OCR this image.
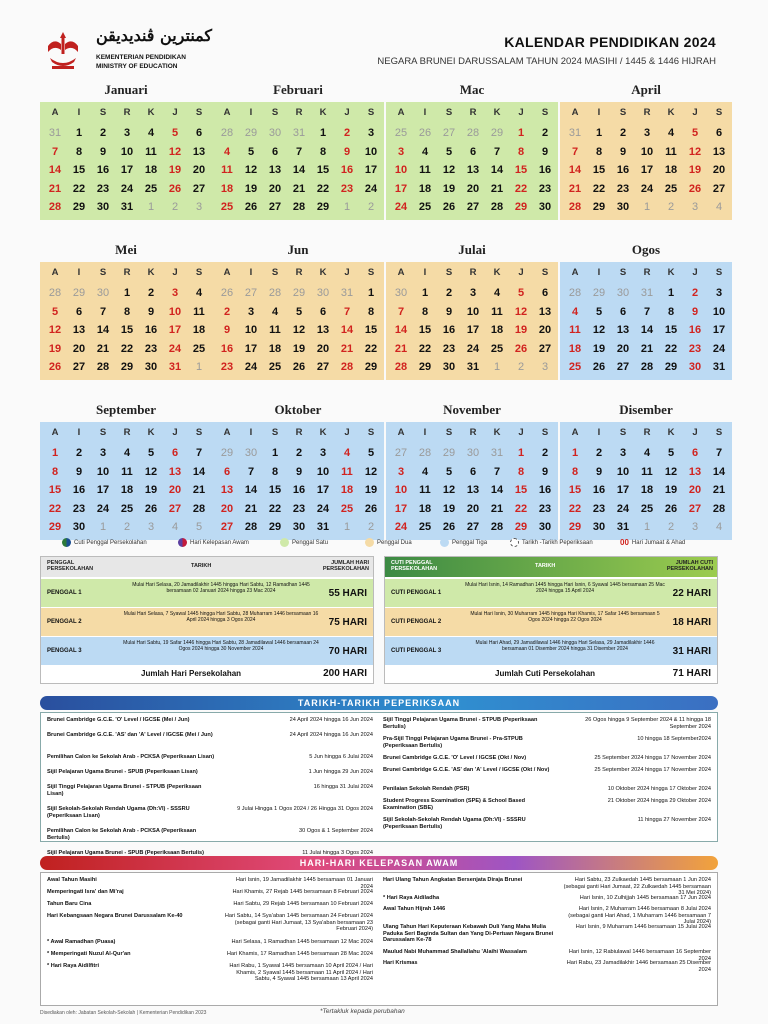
كمنترين ڤنديديقن
KEMENTERIAN PENDIDIKAN
MINISTRY OF EDUCATION
KALENDAR PENDIDIKAN 2024
NEGARA BRUNEI DARUSSALAM TAHUN 2024 MASIHI / 1445 & 1446 HIJRAH
Januari
A	I	S	R	K	J	S
31	1	2	3	4	5	6
7	8	9	10	11	12	13
14	15	16	17	18	19	20
21	22	23	24	25	26	27
28	29	30	31	1	2	3
Februari
A	I	S	R	K	J	S
28	29	30	31	1	2	3
4	5	6	7	8	9	10
11	12	13	14	15	16	17
18	19	20	21	22	23	24
25	26	27	28	29	1	2
Mac
A	I	S	R	K	J	S
25	26	27	28	29	1	2
3	4	5	6	7	8	9
10	11	12	13	14	15	16
17	18	19	20	21	22	23
24	25	26	27	28	29	30
April
A	I	S	R	K	J	S
31	1	2	3	4	5	6
7	8	9	10	11	12	13
14	15	16	17	18	19	20
21	22	23	24	25	26	27
28	29	30	1	2	3	4
Mei
A	I	S	R	K	J	S
28	29	30	1	2	3	4
5	6	7	8	9	10	11
12	13	14	15	16	17	18
19	20	21	22	23	24	25
26	27	28	29	30	31	1
Jun
A	I	S	R	K	J	S
26	27	28	29	30	31	1
2	3	4	5	6	7	8
9	10	11	12	13	14	15
16	17	18	19	20	21	22
23	24	25	26	27	28	29
Julai
A	I	S	R	K	J	S
30	1	2	3	4	5	6
7	8	9	10	11	12	13
14	15	16	17	18	19	20
21	22	23	24	25	26	27
28	29	30	31	1	2	3
Ogos
A	I	S	R	K	J	S
28	29	30	31	1	2	3
4	5	6	7	8	9	10
11	12	13	14	15	16	17
18	19	20	21	22	23	24
25	26	27	28	29	30	31
September
A	I	S	R	K	J	S
1	2	3	4	5	6	7
8	9	10	11	12	13	14
15	16	17	18	19	20	21
22	23	24	25	26	27	28
29	30	1	2	3	4	5
Oktober
A	I	S	R	K	J	S
29	30	1	2	3	4	5
6	7	8	9	10	11	12
13	14	15	16	17	18	19
20	21	22	23	24	25	26
27	28	29	30	31	1	2
November
A	I	S	R	K	J	S
27	28	29	30	31	1	2
3	4	5	6	7	8	9
10	11	12	13	14	15	16
17	18	19	20	21	22	23
24	25	26	27	28	29	30
Disember
A	I	S	R	K	J	S
1	2	3	4	5	6	7
8	9	10	11	12	13	14
15	16	17	18	19	20	21
22	23	24	25	26	27	28
29	30	31	1	2	3	4
Cuti Penggal Persekolahan	Hari Kelepasan Awam	Penggal Satu	Penggal Dua	Penggal Tiga	Tarikh -Tarikh Peperiksaan	00 Hari Jumaat & Ahad
PENGGAL PERSEKOLAHAN	TARIKH	JUMLAH HARI PERSEKOLAHAN
PENGGAL 1
Mulai Hari Selasa, 20 Jamadilakhir 1445 hingga Hari Sabtu, 12 Ramadhan 1445 bersamaan 02 Januari 2024 hingga 23 Mac 2024	55 HARI
PENGGAL 2
Mulai Hari Selasa, 7 Syawal 1445 hingga Hari Sabtu, 28 Muharram 1446 bersamaan 16 April 2024 hingga 3 Ogos 2024	75 HARI
PENGGAL 3
Mulai Hari Sabtu, 19 Safar 1446 hingga Hari Sabtu, 28 Jamadilawal 1446 bersamaan 24 Ogos 2024 hingga 30 November 2024	70 HARI
Jumlah Hari Persekolahan	200 HARI
CUTI PENGGAL PERSEKOLAHAN	TARIKH	JUMLAH CUTI PERSEKOLAHAN
CUTI PENGGAL 1
Mulai Hari Isnin, 14 Ramadhan 1445 hingga Hari Isnin, 6 Syawal 1445 bersamaan 25 Mac 2024 hingga 15 April 2024	22 HARI
CUTI PENGGAL 2
Mulai Hari Isnin, 30 Muharram 1445 hingga Hari Khamis, 17 Safar 1445 bersamaan 5 Ogos 2024 hingga 22 Ogos 2024	18 HARI
CUTI PENGGAL 3
Mulai Hari Ahad, 29 Jamadilawal 1446 hingga Hari Selasa, 29 Jamadilakhir 1446 bersamaan 01 Disember 2024 hingga 31 Disember 2024	31 HARI
Jumlah Cuti Persekolahan	71 HARI
TARIKH-TARIKH PEPERIKSAAN
Brunei Cambridge G.C.E. 'O' Level / IGCSE (Mei / Jun)	24 April 2024 hingga 16 Jun 2024
Brunei Cambridge G.C.E. 'AS' dan 'A' Level / IGCSE (Mei / Jun)	24 April 2024 hingga 16 Jun 2024
Pemilihan Calon ke Sekolah Arab - PCKSA (Peperiksaan Lisan)	5 Jun hingga 6 Julai 2024
Sijil Pelajaran Ugama Brunei - SPUB (Peperiksaan Lisan)	1 Jun hingga 29 Jun 2024
Sijil Tinggi Pelajaran Ugama Brunei - STPUB (Peperiksaan Lisan)
16 hingga 31 Julai 2024
Sijil Sekolah-Sekolah Rendah Ugama (Dh:VI) - SSSRU (Peperiksaan Lisan)
9 Julai Hingga 1 Ogos 2024 / 26 Hingga 31 Ogos 2024
Pemilihan Calon ke Sekolah Arab - PCKSA (Peperiksaan Bertulis)
30 Ogos & 1 September 2024
Sijil Pelajaran Ugama Brunei - SPUB (Peperiksaan Bertulis)	11 Julai hingga 3 Ogos 2024
Sijil Tinggi Pelajaran Ugama Brunei - STPUB (Peperiksaan Bertulis)
26 Ogos hingga 9 September 2024 & 11 hingga 18 September 2024
Pra-Sijil Tinggi Pelajaran Ugama Brunei - Pra-STPUB (Peperiksaan Bertulis)
10 hingga 18 September2024
Brunei Cambridge G.C.E. 'O' Level / IGCSE (Okt / Nov)	25 September 2024 hingga 17 November 2024
Brunei Cambridge G.C.E. 'AS' dan 'A' Level / IGCSE (Okt / Nov)	25 September 2024 hingga 17 November 2024
Penilaian Sekolah Rendah (PSR)	10 Oktober 2024 hingga 17 Oktober 2024
Student Progress Examination (SPE) & School Based Examination (SBE)
21 Oktober 2024 hingga 29 Oktober 2024
Sijil Sekolah-Sekolah Rendah Ugama (Dh:VI) - SSSRU (Peperiksaan Bertulis)
11 hingga 27 November 2024
HARI-HARI KELEPASAN AWAM
Awal Tahun Masihi	Hari Isnin, 19 Jamadilakhir 1445 bersamaan 01 Januari 2024
Memperingati Isra' dan Mi'raj	Hari Khamis, 27 Rejab 1445 bersamaan 8 Februari 2024
Tahun Baru Cina	Hari Sabtu, 29 Rejab 1445 bersamaan 10 Februari 2024
Hari Kebangsaan Negara Brunei Darussalam Ke-40	Hari Sabtu, 14 Sya'aban 1445 bersamaan 24 Februari 2024 (sebagai ganti Hari Jumaat, 13 Sya'aban bersamaan 23 Februari 2024)
* Awal Ramadhan (Puasa)	Hari Selasa, 1 Ramadhan 1445 bersamaan 12 Mac 2024
* Memperingati Nuzul Al-Qur'an	Hari Khamis, 17 Ramadhan 1445 bersamaan 28 Mac 2024
* Hari Raya Aidilfitri	Hari Rabu, 1 Syawal 1445 bersamaan 10 April 2024 / Hari Khamis, 2 Syawal 1445 bersamaan 11 April 2024 / Hari Sabtu, 4 Syawal 1445 bersamaan 13 April 2024
Hari Ulang Tahun Angkatan Bersenjata Diraja Brunei	Hari Sabtu, 23 Zulkaedah 1445 bersamaan 1 Jun 2024 (sebagai ganti Hari Jumaat, 22 Zulkaedah 1445 bersamaan 31 Mei 2024)
* Hari Raya Aidiladha	Hari Isnin, 10 Zulhijjah 1445 bersamaan 17 Jun 2024
Awal Tahun Hijrah 1446	Hari Isnin, 2 Muharram 1446 bersamaan 8 Julai 2024 (sebagai ganti Hari Ahad, 1 Muharram 1446 bersamaan 7 Julai 2024)
Ulang Tahun Hari Keputeraan Kebawah Duli Yang Maha Mulia Paduka Seri Baginda Sultan dan Yang Di-Pertuan Negara Brunei Darussalam Ke-78
Hari Isnin, 9 Muharram 1446 bersamaan 15 Julai 2024
Maulud Nabi Muhammad Shallallahu 'Alaihi Wassalam	Hari Isnin, 12 Rabiulawal 1446 bersamaan 16 September 2024
Hari Krismas	Hari Rabu, 23 Jamadilakhir 1446 bersamaan 25 Disember 2024
*Tertakluk kepada perubahan
Disediakan oleh: Jabatan Sekolah-Sekolah | Kementerian Pendidikan 2023
